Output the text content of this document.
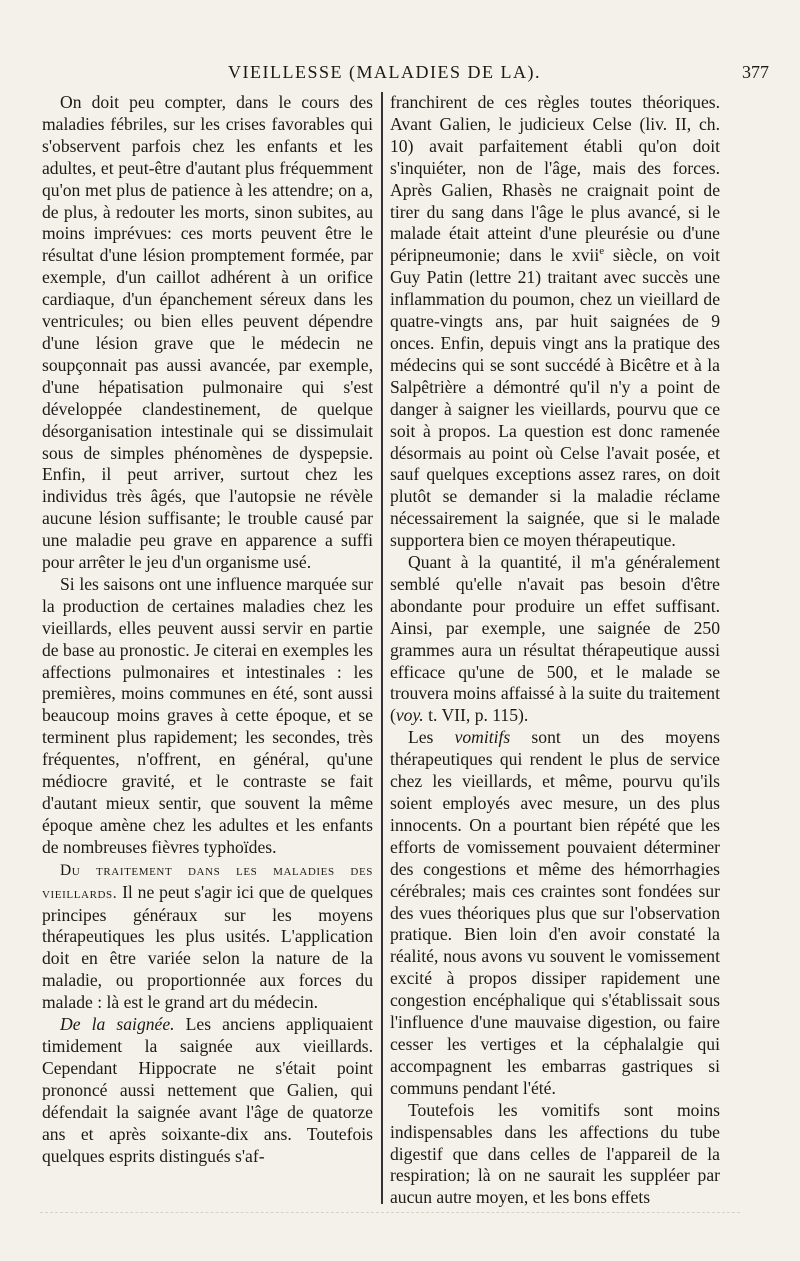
VIEILLESSE (MALADIES DE LA).	377

On doit peu compter, dans le cours des maladies fébriles, sur les crises favorables qui s'observent parfois chez les enfants et les adultes, et peut-être d'autant plus fréquemment qu'on met plus de patience à les attendre; on a, de plus, à redouter les morts, sinon subites, au moins imprévues: ces morts peuvent être le résultat d'une lésion promptement formée, par exemple, d'un caillot adhérent à un orifice cardiaque, d'un épanchement séreux dans les ventricules; ou bien elles peuvent dépendre d'une lésion grave que le médecin ne soupçonnait pas aussi avancée, par exemple, d'une hépatisation pulmonaire qui s'est développée clandestinement, de quelque désorganisation intestinale qui se dissimulait sous de simples phénomènes de dyspepsie. Enfin, il peut arriver, surtout chez les individus très âgés, que l'autopsie ne révèle aucune lésion suffisante; le trouble causé par une maladie peu grave en apparence a suffi pour arrêter le jeu d'un organisme usé.

Si les saisons ont une influence marquée sur la production de certaines maladies chez les vieillards, elles peuvent aussi servir en partie de base au pronostic. Je citerai en exemples les affections pulmonaires et intestinales : les premières, moins communes en été, sont aussi beaucoup moins graves à cette époque, et se terminent plus rapidement; les secondes, très fréquentes, n'offrent, en général, qu'une médiocre gravité, et le contraste se fait d'autant mieux sentir, que souvent la même époque amène chez les adultes et les enfants de nombreuses fièvres typhoïdes.

Du traitement dans les maladies des vieillards. Il ne peut s'agir ici que de quelques principes généraux sur les moyens thérapeutiques les plus usités. L'application doit en être variée selon la nature de la maladie, ou proportionnée aux forces du malade : là est le grand art du médecin.

De la saignée. Les anciens appliquaient timidement la saignée aux vieillards. Cependant Hippocrate ne s'était point prononcé aussi nettement que Galien, qui défendait la saignée avant l'âge de quatorze ans et après soixante-dix ans. Toutefois quelques esprits distingués s'af-

franchirent de ces règles toutes théoriques. Avant Galien, le judicieux Celse (liv. II, ch. 10) avait parfaitement établi qu'on doit s'inquiéter, non de l'âge, mais des forces. Après Galien, Rhasès ne craignait point de tirer du sang dans l'âge le plus avancé, si le malade était atteint d'une pleurésie ou d'une péripneumonie; dans le xvii$^e$ siècle, on voit Guy Patin (lettre 21) traitant avec succès une inflammation du poumon, chez un vieillard de quatre-vingts ans, par huit saignées de 9 onces. Enfin, depuis vingt ans la pratique des médecins qui se sont succédé à Bicêtre et à la Salpêtrière a démontré qu'il n'y a point de danger à saigner les vieillards, pourvu que ce soit à propos. La question est donc ramenée désormais au point où Celse l'avait posée, et sauf quelques exceptions assez rares, on doit plutôt se demander si la maladie réclame nécessairement la saignée, que si le malade supportera bien ce moyen thérapeutique.

Quant à la quantité, il m'a généralement semblé qu'elle n'avait pas besoin d'être abondante pour produire un effet suffisant. Ainsi, par exemple, une saignée de 250 grammes aura un résultat thérapeutique aussi efficace qu'une de 500, et le malade se trouvera moins affaissé à la suite du traitement (voy. t. VII, p. 115).

Les vomitifs sont un des moyens thérapeutiques qui rendent le plus de service chez les vieillards, et même, pourvu qu'ils soient employés avec mesure, un des plus innocents. On a pourtant bien répété que les efforts de vomissement pouvaient déterminer des congestions et même des hémorrhagies cérébrales; mais ces craintes sont fondées sur des vues théoriques plus que sur l'observation pratique. Bien loin d'en avoir constaté la réalité, nous avons vu souvent le vomissement excité à propos dissiper rapidement une congestion encéphalique qui s'établissait sous l'influence d'une mauvaise digestion, ou faire cesser les vertiges et la céphalalgie qui accompagnent les embarras gastriques si communs pendant l'été.

Toutefois les vomitifs sont moins indispensables dans les affections du tube digestif que dans celles de l'appareil de la respiration; là on ne saurait les suppléer par aucun autre moyen, et les bons effets
